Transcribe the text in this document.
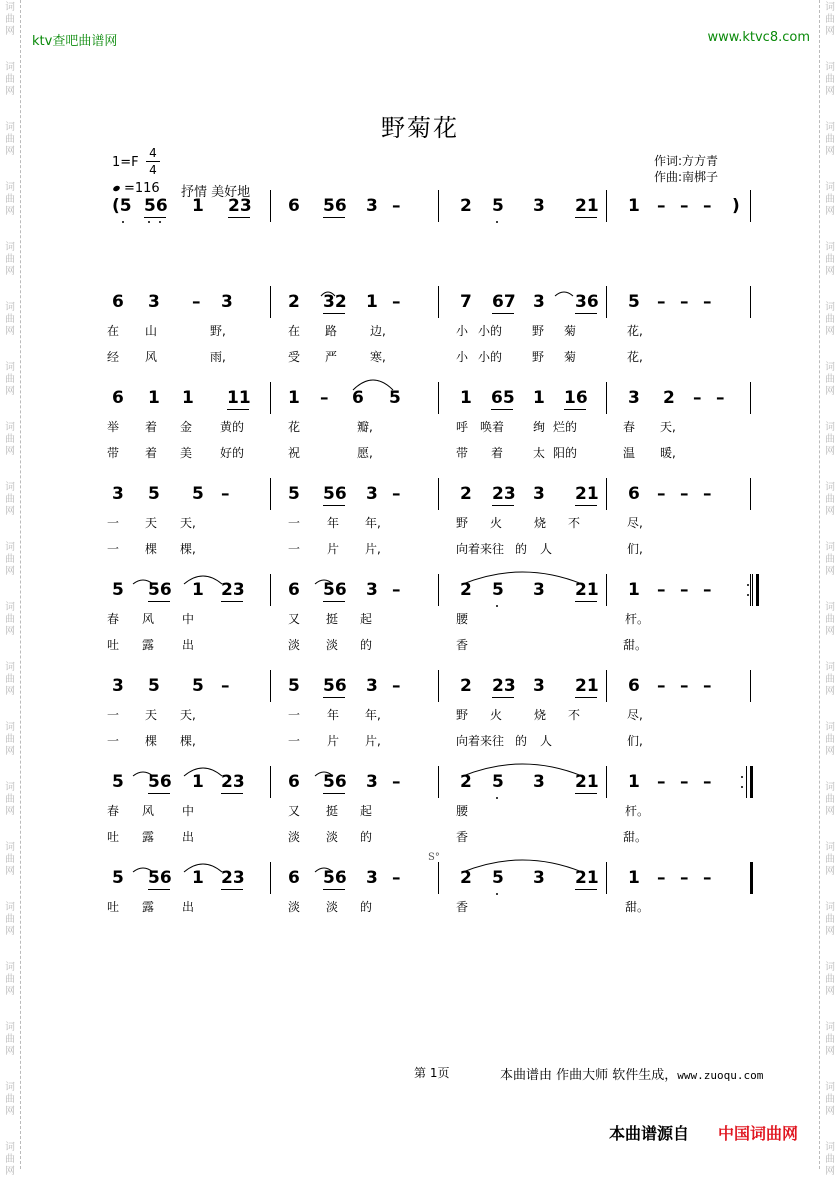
词
曲
网
词
曲
网
词
曲
网
词
曲
网
词
曲
网
词
曲
网
词
曲
网
词
曲
网
词
曲
网
词
曲
网
词
曲
网
词
曲
网
词
曲
网
词
曲
网
词
曲
网
词
曲
网
词
曲
网
词
曲
网
词
曲
网
词
曲
网
词
曲
网
词
曲
网
词
曲
网
词
曲
网
词
曲
网
词
曲
网
词
曲
网
词
曲
网
词
曲
网
词
曲
网
词
曲
网
词
曲
网
词
曲
网
词
曲
网
词
曲
网
词
曲
网
词
曲
网
词
曲
网
词
曲
网
词
曲
网
ktv查吧曲谱网	www.ktvc8.com
野菊花
1=F
4
4
=116 抒情 美好地
作词:方方青
作曲:南梆子
(5 56 1 23 6 56 3 –	2 5 3 21 1 – – – )
6 3 – 3	2 32 1 –	7 67 3 36 5 – – –
在 山	野,	在 路	边,	小 小的 野 菊	花,
经 风	雨,	受 严	寒,	小 小的 野 菊	花,
6 1 1 11 1 – 6 5	1 65 1 16 3 2 – –
举 着 金 黄的	花	瓣,	呼 唤着 绚 烂的	春 天,
带 着 美 好的	祝	愿,	带 着 太 阳的	温 暖,
3 5 5 –	5 56 3 –	2 23 3 21 6 – – –
一 天 天,	一 年 年,	野 火	烧 不	尽,
一 棵 棵,	一 片 片,	向着来往 的 人	们,
5 56 1 23	6 56 3 –	2 5 3 21 1 – – –
春 风 中	又 挺 起	腰	杆。
吐 露 出	淡 淡 的	香	甜。
3 5 5 –	5 56 3 –	2 23 3 21 6 – – –
一 天 天,	一 年 年,	野 火	烧 不	尽,
一 棵 棵,	一 片 片,	向着来往 的 人	们,
5 56 1 23	6 56 3 –	2 5 3 21 1 – – –
春 风 中	又 挺 起	腰	杆。
吐 露 出	淡 淡 的	香	甜。
5 56 1 23	6 56 3 –	2 5 3 21 1 – – –
吐 露 出	淡 淡 的	香	甜。
S°
第 1页	本曲谱由 作曲大师 软件生成，www.zuoqu.com
本曲谱源自 中国词曲网
